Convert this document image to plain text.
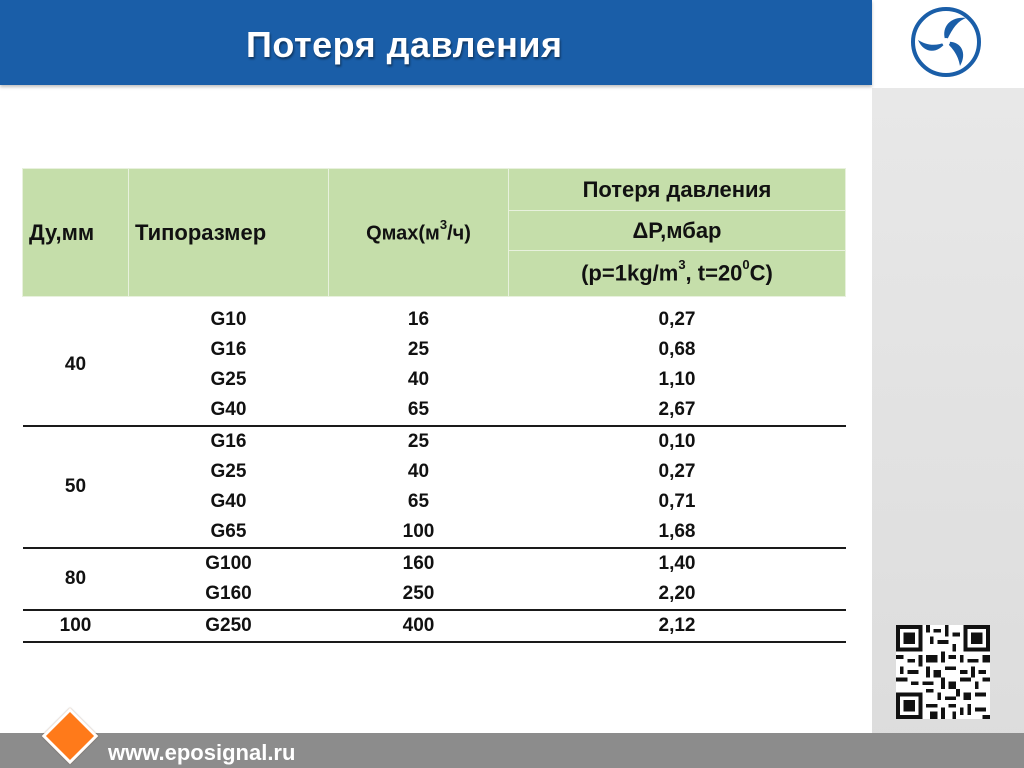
Потеря давления
Ду,мм	Типоразмер	$Qмах(м^3/ч)$	Потеря давления
			ΔP,мбар
			($p=1kg/m^3$, $t=20^0C$)

40	G10	16	0,27
	G16	25	0,68
	G25	40	1,10
	G40	65	2,67
50	G16	25	0,10
	G25	40	0,27
	G40	65	0,71
	G65	100	1,68
80	G100	160	1,40
	G160	250	2,20
100	G250	400	2,12
www.eposignal.ru
